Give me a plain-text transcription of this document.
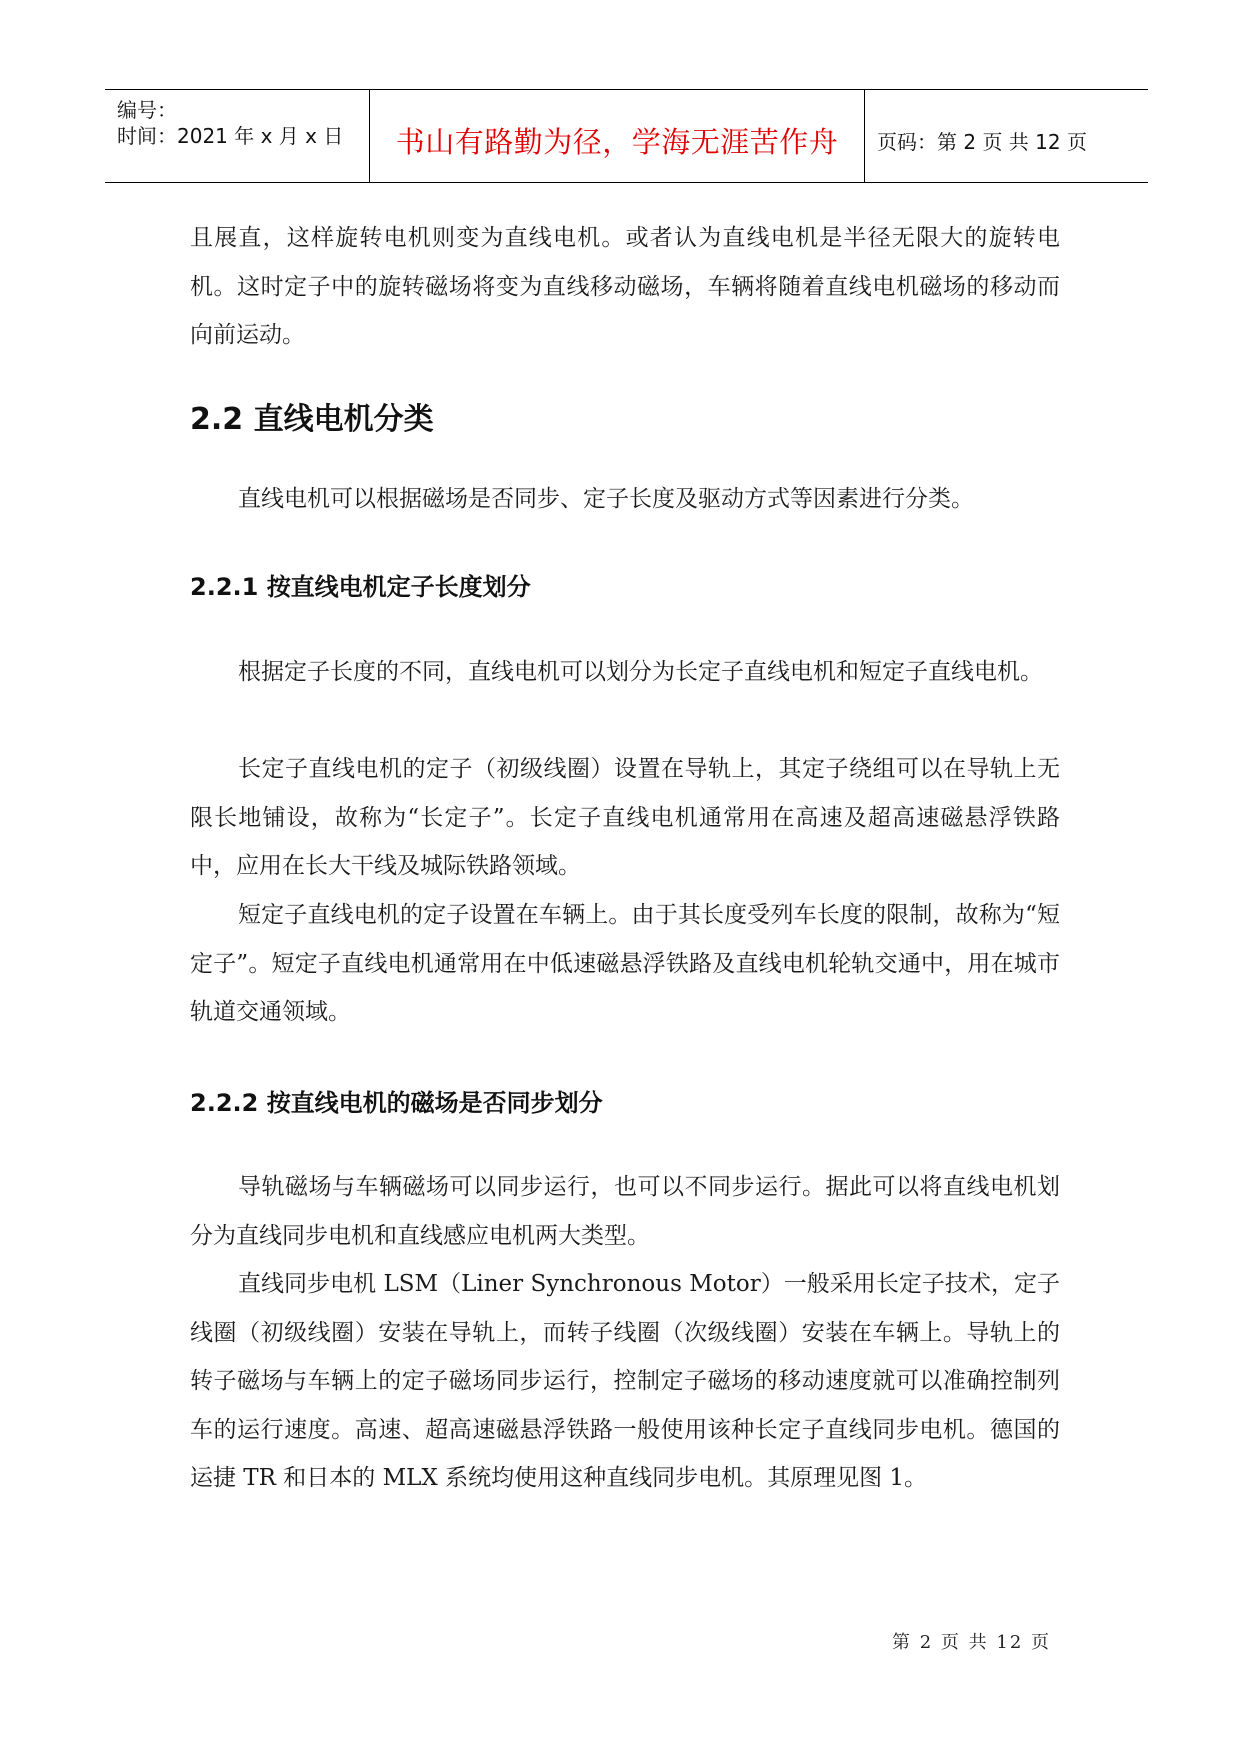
编号：
时间：2021 年 x 月 x 日	书山有路勤为径，学海无涯苦作舟	页码：第 2 页 共 12 页
且展直，这样旋转电机则变为直线电机。或者认为直线电机是半径无限大的旋转电机。这时定子中的旋转磁场将变为直线移动磁场，车辆将随着直线电机磁场的移动而向前运动。
2.2 直线电机分类
直线电机可以根据磁场是否同步、定子长度及驱动方式等因素进行分类。
2.2.1 按直线电机定子长度划分
根据定子长度的不同，直线电机可以划分为长定子直线电机和短定子直线电机。
长定子直线电机的定子（初级线圈）设置在导轨上，其定子绕组可以在导轨上无限长地铺设，故称为“长定子”。长定子直线电机通常用在高速及超高速磁悬浮铁路中，应用在长大干线及城际铁路领域。
短定子直线电机的定子设置在车辆上。由于其长度受列车长度的限制，故称为“短定子”。短定子直线电机通常用在中低速磁悬浮铁路及直线电机轮轨交通中，用在城市轨道交通领域。
2.2.2 按直线电机的磁场是否同步划分
导轨磁场与车辆磁场可以同步运行，也可以不同步运行。据此可以将直线电机划分为直线同步电机和直线感应电机两大类型。
直线同步电机 LSM（Liner Synchronous Motor）一般采用长定子技术，定子线圈（初级线圈）安装在导轨上，而转子线圈（次级线圈）安装在车辆上。导轨上的转子磁场与车辆上的定子磁场同步运行，控制定子磁场的移动速度就可以准确控制列车的运行速度。高速、超高速磁悬浮铁路一般使用该种长定子直线同步电机。德国的运捷 TR 和日本的 MLX 系统均使用这种直线同步电机。其原理见图 1。
第 2 页 共 12 页
